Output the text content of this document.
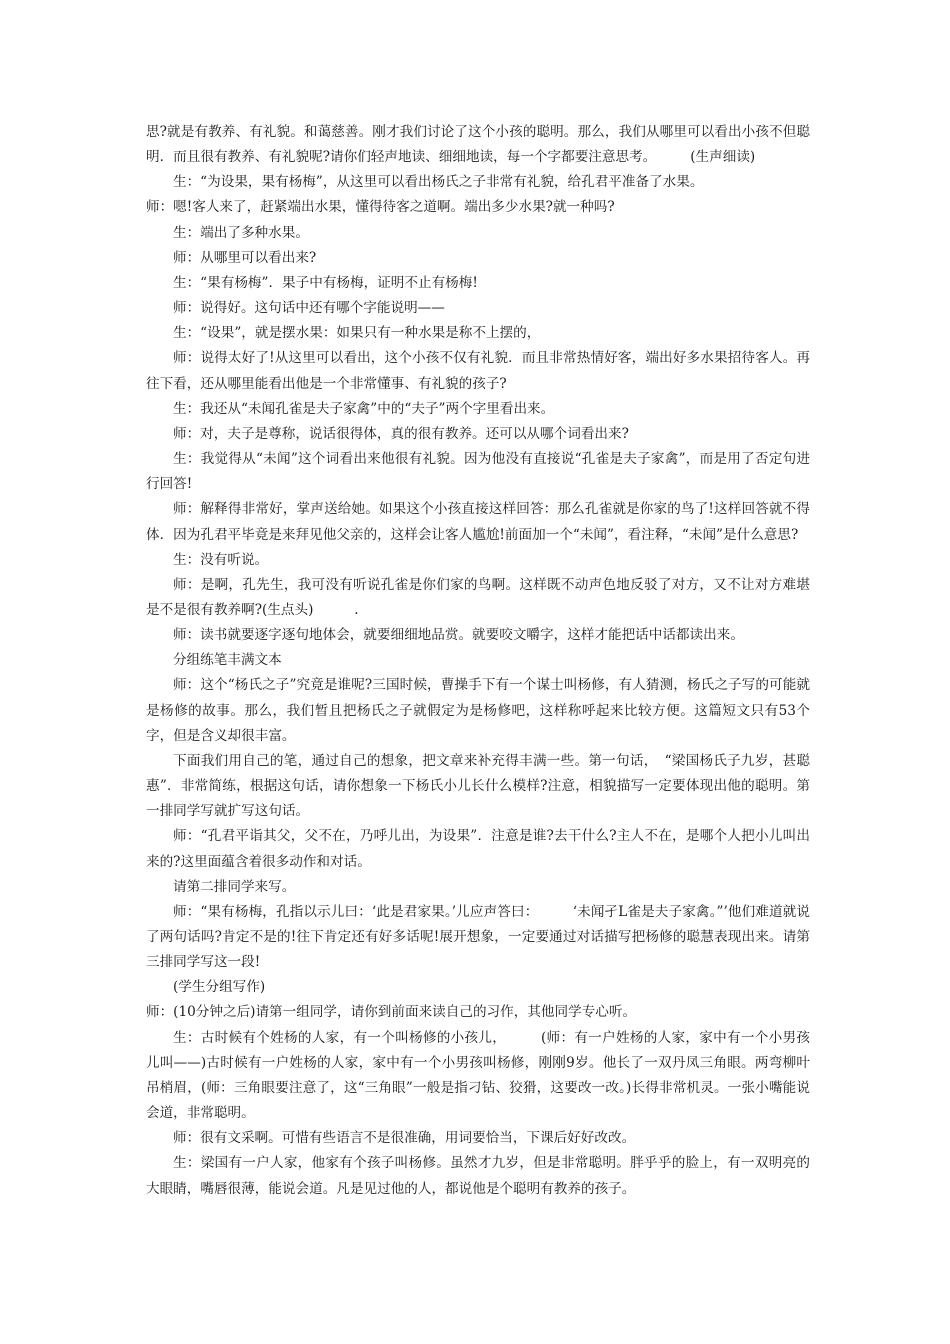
思?就是有教养、有礼貌。和蔼慈善。刚才我们讨论了这个小孩的聪明。那么，我们从哪里可以看出小孩不但聪明．而且很有教养、有礼貌呢?请你们轻声地读、细细地读，每一个字都要注意思考。　　　(生声细读)

生：“为设果，果有杨梅”，从这里可以看出杨氏之子非常有礼貌，给孔君平准备了水果。

师：嗯!客人来了，赶紧端出水果，懂得待客之道啊。端出多少水果?就一种吗?

生：端出了多种水果。

师：从哪里可以看出来?

生：“果有杨梅”．果子中有杨梅，证明不止有杨梅!

师：说得好。这句话中还有哪个字能说明——

生：“设果”，就是摆水果：如果只有一种水果是称不上摆的，

师：说得太好了!从这里可以看出，这个小孩不仅有礼貌．而且非常热情好客，端出好多水果招待客人。再往下看，还从哪里能看出他是一个非常懂事、有礼貌的孩子?

生：我还从“未闻孔雀是夫子家禽”中的“夫子”两个字里看出来。

师：对，夫子是尊称，说话很得体，真的很有教养。还可以从哪个词看出来?

生：我觉得从“未闻”这个词看出来他很有礼貌。因为他没有直接说“孔雀是夫子家禽”，而是用了否定句进行回答!

师：解释得非常好，掌声送给她。如果这个小孩直接这样回答：那么孔雀就是你家的鸟了!这样回答就不得体．因为孔君平毕竟是来拜见他父亲的，这样会让客人尴尬!前面加一个“未闻”，看注释，“未闻”是什么意思?

生：没有听说。

师：是啊，孔先生，我可没有听说孔雀是你们家的鸟啊。这样既不动声色地反驳了对方，又不让对方难堪是不是很有教养啊?(生点头)　　　.

师：读书就要逐字逐句地体会，就要细细地品赏。就要咬文嚼字，这样才能把话中话都读出来。

分组练笔丰满文本

师：这个“杨氏之子”究竟是谁呢?三国时候，曹操手下有一个谋士叫杨修，有人猜测，杨氏之子写的可能就是杨修的故事。那么，我们暂且把杨氏之子就假定为是杨修吧，这样称呼起来比较方便。这篇短文只有53个字，但是含义却很丰富。

下面我们用自己的笔，通过自己的想象，把文章来补充得丰满一些。第一句话，　“梁国杨氏子九岁，甚聪惠”．非常简练，根据这句话，请你想象一下杨氏小儿长什么模样?注意，相貌描写一定要体现出他的聪明。第一排同学写就扩写这句话。

师：“孔君平诣其父，父不在，乃呼儿出，为设果”．注意是谁?去干什么?主人不在，是哪个人把小儿叫出来的?这里面蕴含着很多动作和对话。

请第二排同学来写。

师：“果有杨梅，孔指以示儿曰：‘此是君家果。’儿应声答曰：　　　‘未闻孑L雀是夫子家禽。”’他们难道就说了两句话吗?肯定不是的!往下肯定还有好多话呢!展开想象，一定要通过对话描写把杨修的聪慧表现出来。请第三排同学写这一段!

(学生分组写作)

师：(10分钟之后)请第一组同学，请你到前面来读自己的习作，其他同学专心听。

生：古时候有个姓杨的人家，有一个叫杨修的小孩儿，　　　(师：有一户姓杨的人家，家中有一个小男孩儿叫——)古时候有一户姓杨的人家，家中有一个小男孩叫杨修，刚刚9岁。他长了一双丹凤三角眼。两弯柳叶吊梢眉，(师：三角眼要注意了，这“三角眼”一般是指刁钻、狡猾，这要改一改。)长得非常机灵。一张小嘴能说会道，非常聪明。

师：很有文采啊。可惜有些语言不是很准确，用词要恰当，下课后好好改改。

生：梁国有一户人家，他家有个孩子叫杨修。虽然才九岁，但是非常聪明。胖乎乎的脸上，有一双明亮的大眼睛，嘴唇很薄，能说会道。凡是见过他的人，都说他是个聪明有教养的孩子。
